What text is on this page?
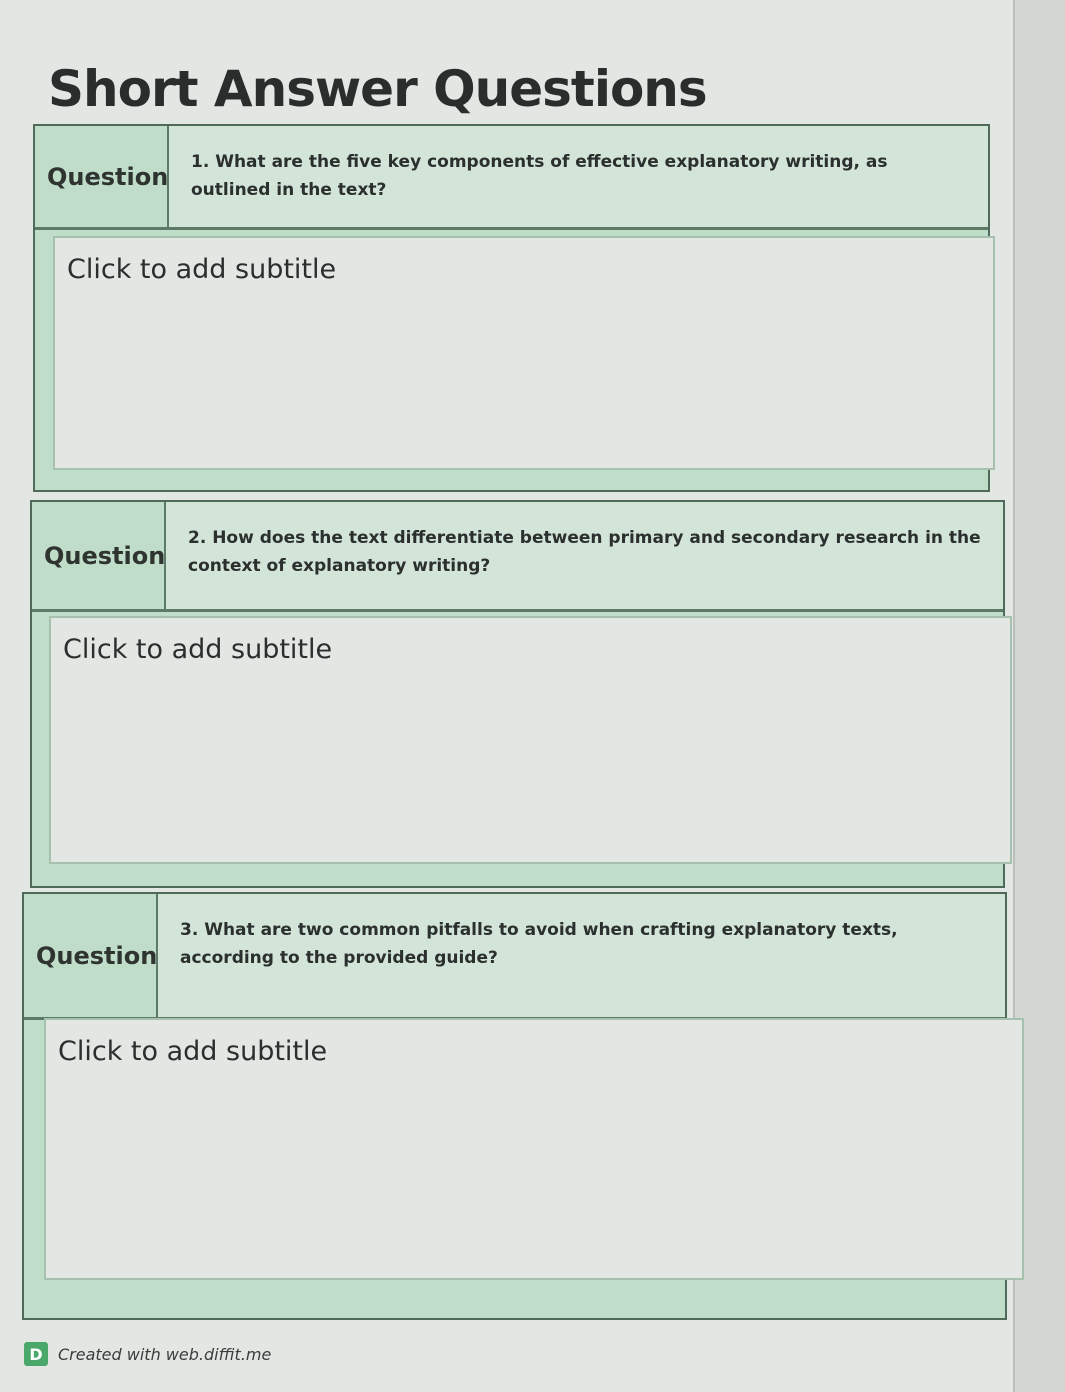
Short Answer Questions
Question
1. What are the five key components of effective explanatory writing, as outlined in the text?
Click to add subtitle
Question
2. How does the text differentiate between primary and secondary research in the context of explanatory writing?
Click to add subtitle
Question
3. What are two common pitfalls to avoid when crafting explanatory texts, according to the provided guide?
Click to add subtitle
D Created with web.diffit.me
